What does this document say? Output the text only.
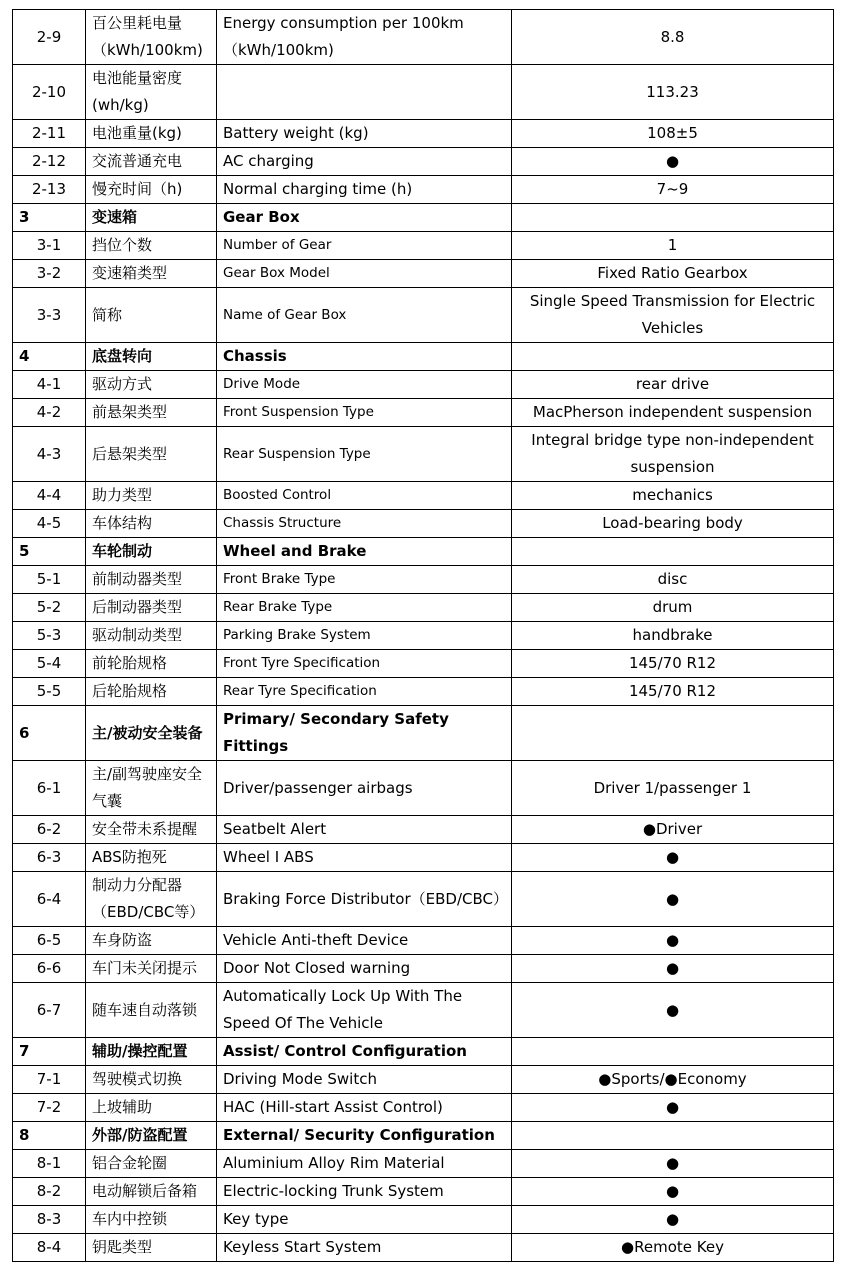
2-9	百公里耗电量（kWh/100km)	Energy consumption per 100km （kWh/100km)	8.8
2-10	电池能量密度(wh/kg)		113.23
2-11	电池重量(kg)	Battery weight (kg)	108±5
2-12	交流普通充电	AC charging	●
2-13	慢充时间（h)	Normal charging time (h)	7~9
3	变速箱	Gear Box	
3-1	挡位个数	Number of Gear	1
3-2	变速箱类型	Gear Box Model	Fixed Ratio Gearbox
3-3	简称	Name of Gear Box	Single Speed Transmission for Electric Vehicles
4	底盘转向	Chassis	
4-1	驱动方式	Drive Mode	rear drive
4-2	前悬架类型	Front Suspension Type	MacPherson independent suspension
4-3	后悬架类型	Rear Suspension Type	Integral bridge type non-independent suspension
4-4	助力类型	Boosted Control	mechanics
4-5	车体结构	Chassis Structure	Load-bearing body
5	车轮制动	Wheel and Brake	
5-1	前制动器类型	Front Brake Type	disc
5-2	后制动器类型	Rear Brake Type	drum
5-3	驱动制动类型	Parking Brake System	handbrake
5-4	前轮胎规格	Front Tyre Specification	145/70 R12
5-5	后轮胎规格	Rear Tyre Specification	145/70 R12
6	主/被动安全装备	Primary/ Secondary Safety Fittings	
6-1	主/副驾驶座安全气囊	Driver/passenger airbags	Driver 1/passenger 1
6-2	安全带未系提醒	Seatbelt Alert	●Driver
6-3	ABS防抱死	Wheel I ABS	●
6-4	制动力分配器（EBD/CBC等）	Braking Force Distributor（EBD/CBC）	●
6-5	车身防盗	Vehicle Anti-theft Device	●
6-6	车门未关闭提示	Door Not Closed warning	●
6-7	随车速自动落锁	Automatically Lock Up With The Speed Of The Vehicle	●
7	辅助/操控配置	Assist/ Control Configuration	
7-1	驾驶模式切换	Driving Mode Switch	●Sports/●Economy
7-2	上坡辅助	HAC (Hill-start Assist Control)	●
8	外部/防盗配置	External/ Security Configuration	
8-1	铝合金轮圈	Aluminium Alloy Rim Material	●
8-2	电动解锁后备箱	Electric-locking Trunk System	●
8-3	车内中控锁	Key type	●
8-4	钥匙类型	Keyless Start System	●Remote Key
